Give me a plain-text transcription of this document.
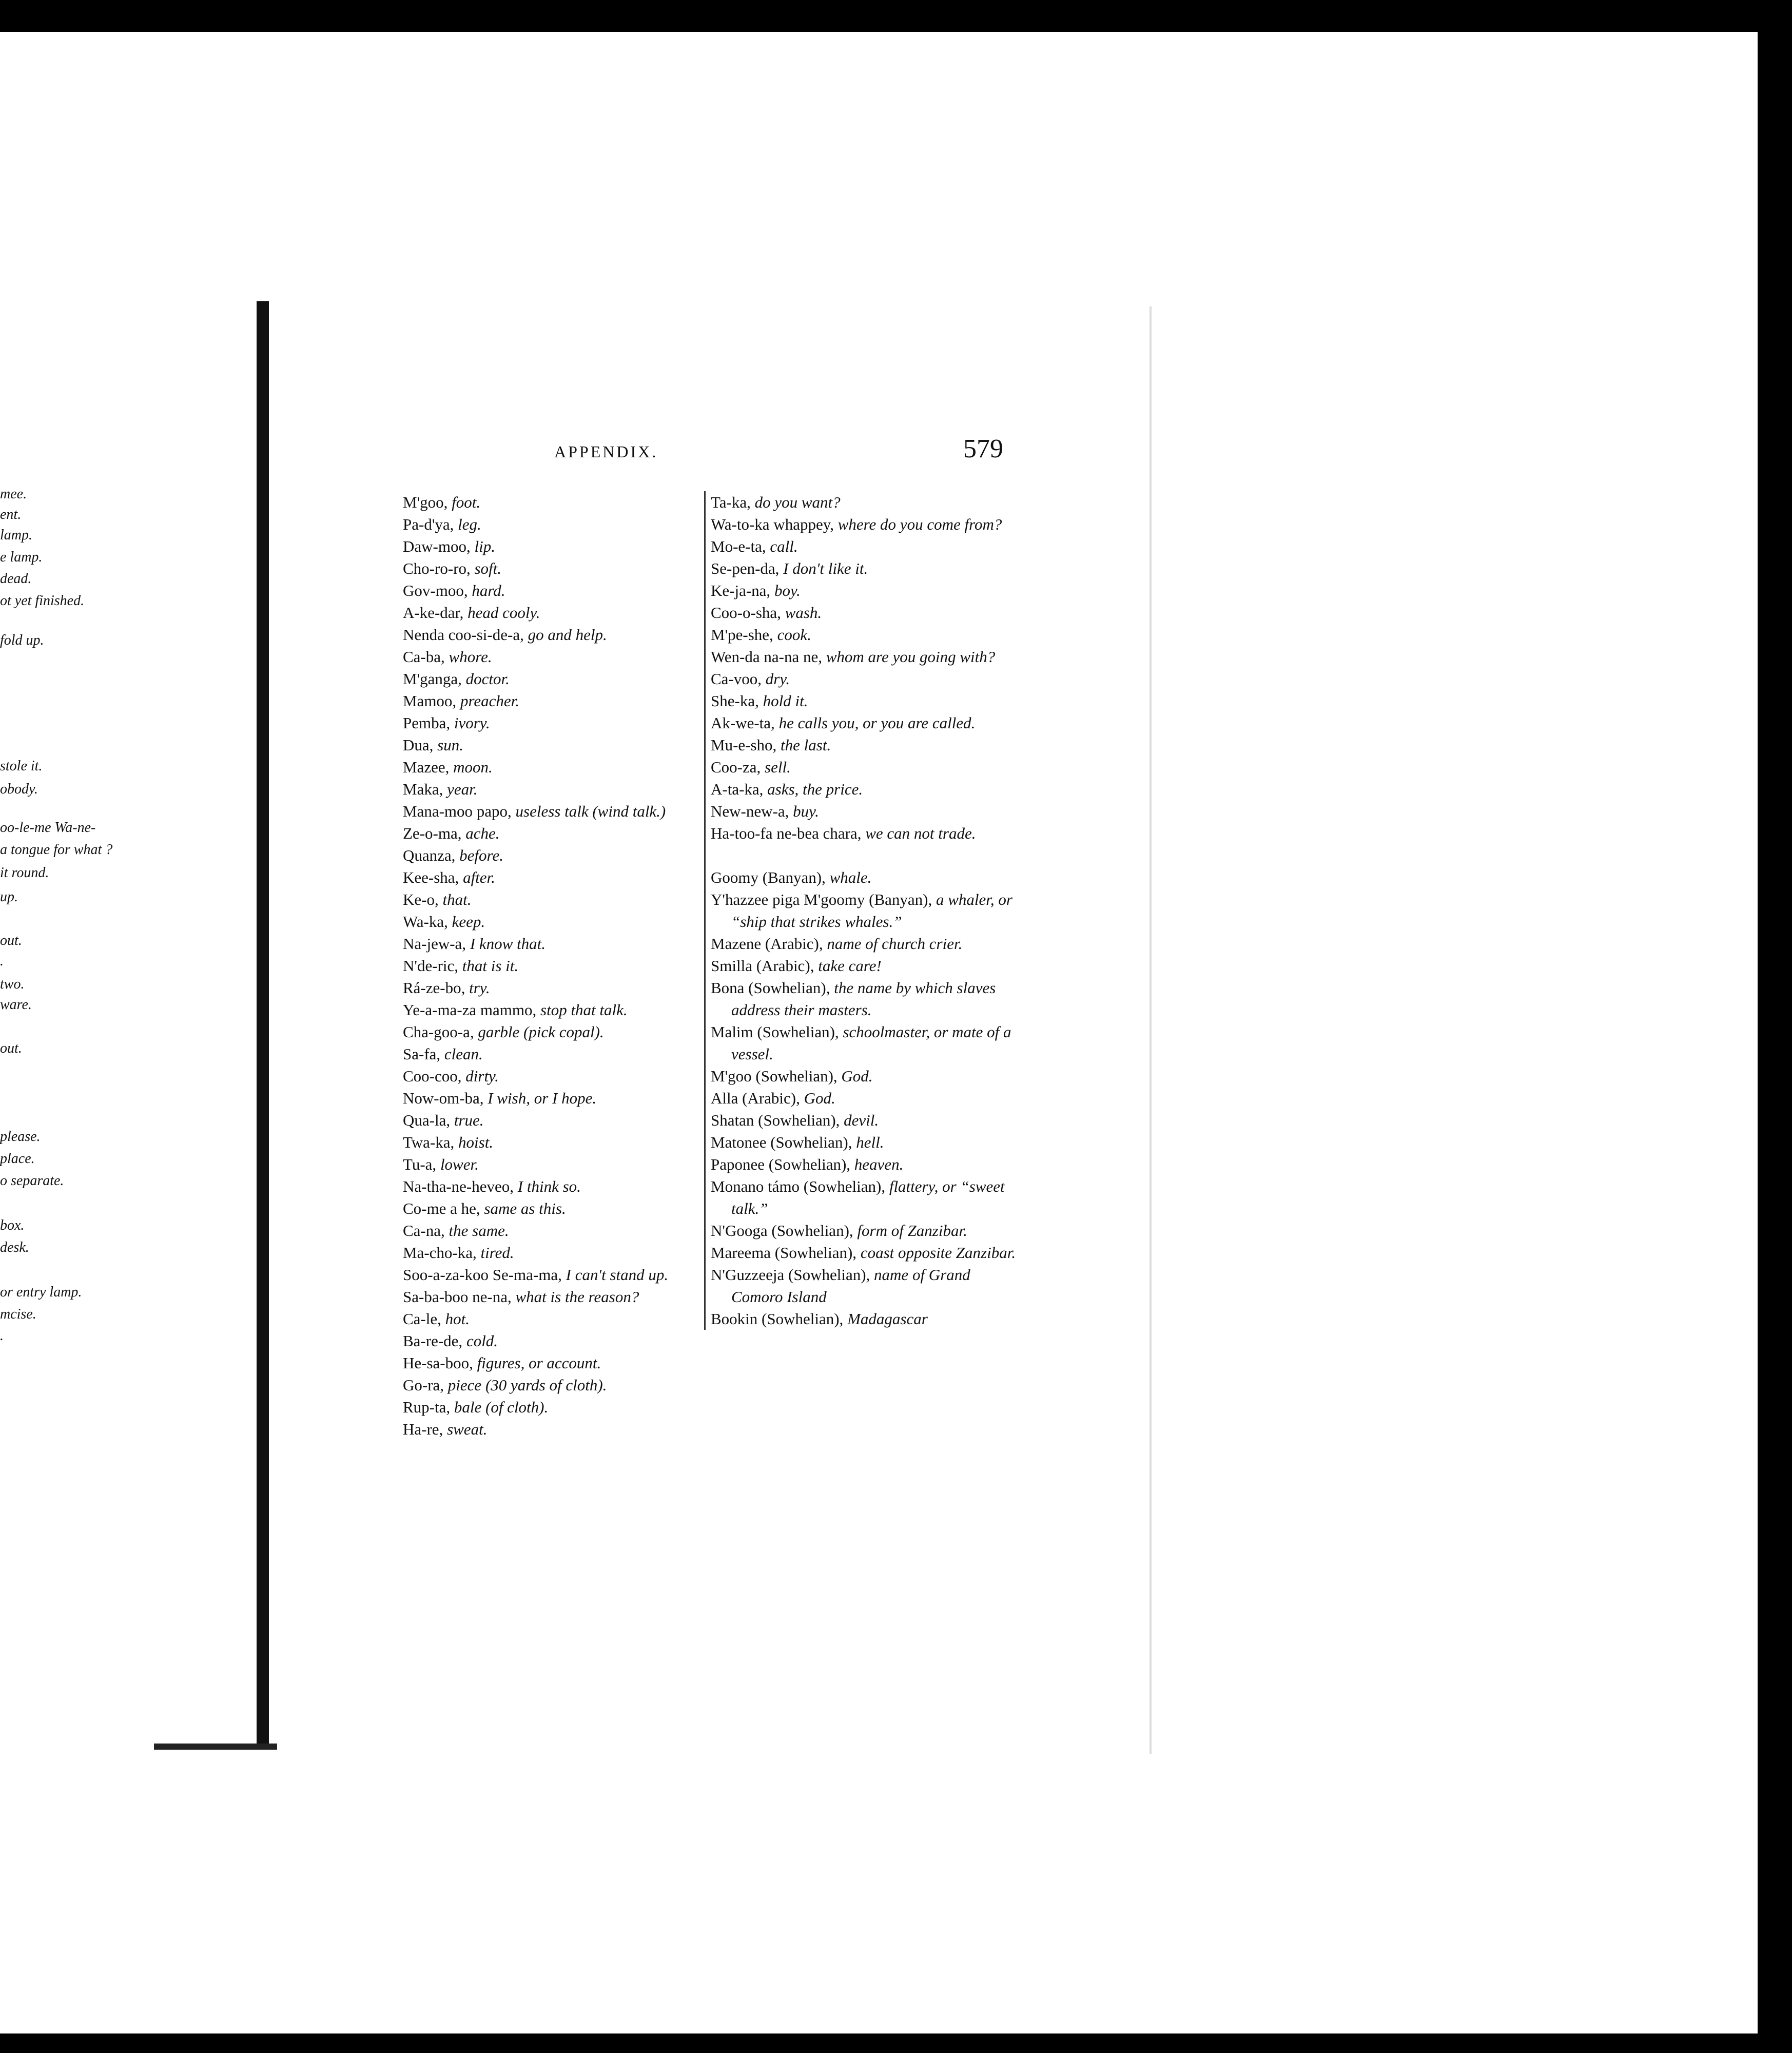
mee.
ent.
lamp.
e lamp.
dead.
ot yet finished.
fold up.
stole it.
obody.
oo-le-me Wa-ne-
a tongue for what ?
it round.
up.
out.
.
two.
ware.
out.
please.
place.
o separate.
box.
desk.
or entry lamp.
mcise.
.
APPENDIX.	579
M'goo, foot.
Pa-d'ya, leg.
Daw-moo, lip.
Cho-ro-ro, soft.
Gov-moo, hard.
A-ke-dar, head cooly.
Nenda coo-si-de-a, go and help.
Ca-ba, whore.
M'ganga, doctor.
Mamoo, preacher.
Pemba, ivory.
Dua, sun.
Mazee, moon.
Maka, year.
Mana-moo papo, useless talk (wind talk.)
Ze-o-ma, ache.
Quanza, before.
Kee-sha, after.
Ke-o, that.
Wa-ka, keep.
Na-jew-a, I know that.
N'de-ric, that is it.
Rá-ze-bo, try.
Ye-a-ma-za mammo, stop that talk.
Cha-goo-a, garble (pick copal).
Sa-fa, clean.
Coo-coo, dirty.
Now-om-ba, I wish, or I hope.
Qua-la, true.
Twa-ka, hoist.
Tu-a, lower.
Na-tha-ne-heveo, I think so.
Co-me a he, same as this.
Ca-na, the same.
Ma-cho-ka, tired.
Soo-a-za-koo Se-ma-ma, I can't stand up.
Sa-ba-boo ne-na, what is the reason?
Ca-le, hot.
Ba-re-de, cold.
He-sa-boo, figures, or account.
Go-ra, piece (30 yards of cloth).
Rup-ta, bale (of cloth).
Ha-re, sweat.
Ta-ka, do you want?
Wa-to-ka whappey, where do you come from?
Mo-e-ta, call.
Se-pen-da, I don't like it.
Ke-ja-na, boy.
Coo-o-sha, wash.
M'pe-she, cook.
Wen-da na-na ne, whom are you going with?
Ca-voo, dry.
She-ka, hold it.
Ak-we-ta, he calls you, or you are called.
Mu-e-sho, the last.
Coo-za, sell.
A-ta-ka, asks, the price.
New-new-a, buy.
Ha-too-fa ne-bea chara, we can not trade.
Goomy (Banyan), whale.
Y'hazzee piga M'goomy (Banyan), a whaler, or “ship that strikes whales.”
Mazene (Arabic), name of church crier.
Smilla (Arabic), take care!
Bona (Sowhelian), the name by which slaves address their masters.
Malim (Sowhelian), schoolmaster, or mate of a vessel.
M'goo (Sowhelian), God.
Alla (Arabic), God.
Shatan (Sowhelian), devil.
Matonee (Sowhelian), hell.
Paponee (Sowhelian), heaven.
Monano támo (Sowhelian), flattery, or “sweet talk.”
N'Googa (Sowhelian), form of Zanzibar.
Mareema (Sowhelian), coast opposite Zanzibar.
N'Guzzeeja (Sowhelian), name of Grand Comoro Island
Bookin (Sowhelian), Madagascar
